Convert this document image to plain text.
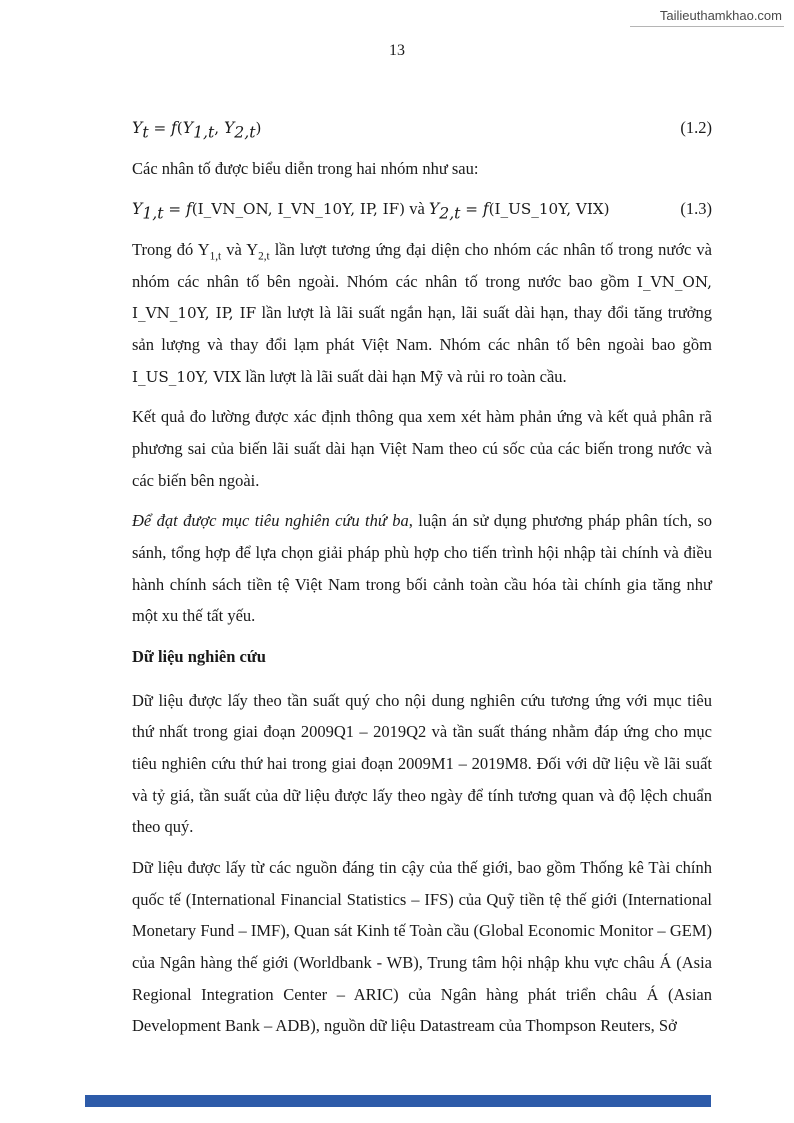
Tailieuthamkhao.com
13
$Y_t = f(Y_{1,t}$, $Y_{2,t}$)	(1.2)

Các nhân tố được biểu diễn trong hai nhóm như sau:

$Y_{1,t}$ = f(I_VN_ON, I_VN_10Y, IP, IF) và $Y_{2,t}$ = f(I_US_10Y, VIX)	(1.3)

Trong đó $Y_{1,t}$ và $Y_{2,t}$ lần lượt tương ứng đại diện cho nhóm các nhân tố trong nước và nhóm các nhân tố bên ngoài. Nhóm các nhân tố trong nước bao gồm I_VN_ON, I_VN_10Y, IP, IF lần lượt là lãi suất ngắn hạn, lãi suất dài hạn, thay đổi tăng trưởng sản lượng và thay đổi lạm phát Việt Nam. Nhóm các nhân tố bên ngoài bao gồm I_US_10Y, VIX lần lượt là lãi suất dài hạn Mỹ và rủi ro toàn cầu.

Kết quả đo lường được xác định thông qua xem xét hàm phản ứng và kết quả phân rã phương sai của biến lãi suất dài hạn Việt Nam theo cú sốc của các biến trong nước và các biến bên ngoài.

Để đạt được mục tiêu nghiên cứu thứ ba, luận án sử dụng phương pháp phân tích, so sánh, tổng hợp để lựa chọn giải pháp phù hợp cho tiến trình hội nhập tài chính và điều hành chính sách tiền tệ Việt Nam trong bối cảnh toàn cầu hóa tài chính gia tăng như một xu thế tất yếu.

Dữ liệu nghiên cứu

Dữ liệu được lấy theo tần suất quý cho nội dung nghiên cứu tương ứng với mục tiêu thứ nhất trong giai đoạn 2009Q1 – 2019Q2 và tần suất tháng nhằm đáp ứng cho mục tiêu nghiên cứu thứ hai trong giai đoạn 2009M1 – 2019M8. Đối với dữ liệu về lãi suất và tỷ giá, tần suất của dữ liệu được lấy theo ngày để tính tương quan và độ lệch chuẩn theo quý.

Dữ liệu được lấy từ các nguồn đáng tin cậy của thế giới, bao gồm Thống kê Tài chính quốc tế (International Financial Statistics – IFS) của Quỹ tiền tệ thế giới (International Monetary Fund – IMF), Quan sát Kinh tế Toàn cầu (Global Economic Monitor – GEM) của Ngân hàng thế giới (Worldbank - WB), Trung tâm hội nhập khu vực châu Á (Asia Regional Integration Center – ARIC) của Ngân hàng phát triển châu Á (Asian Development Bank – ADB), nguồn dữ liệu Datastream của Thompson Reuters, Sở
